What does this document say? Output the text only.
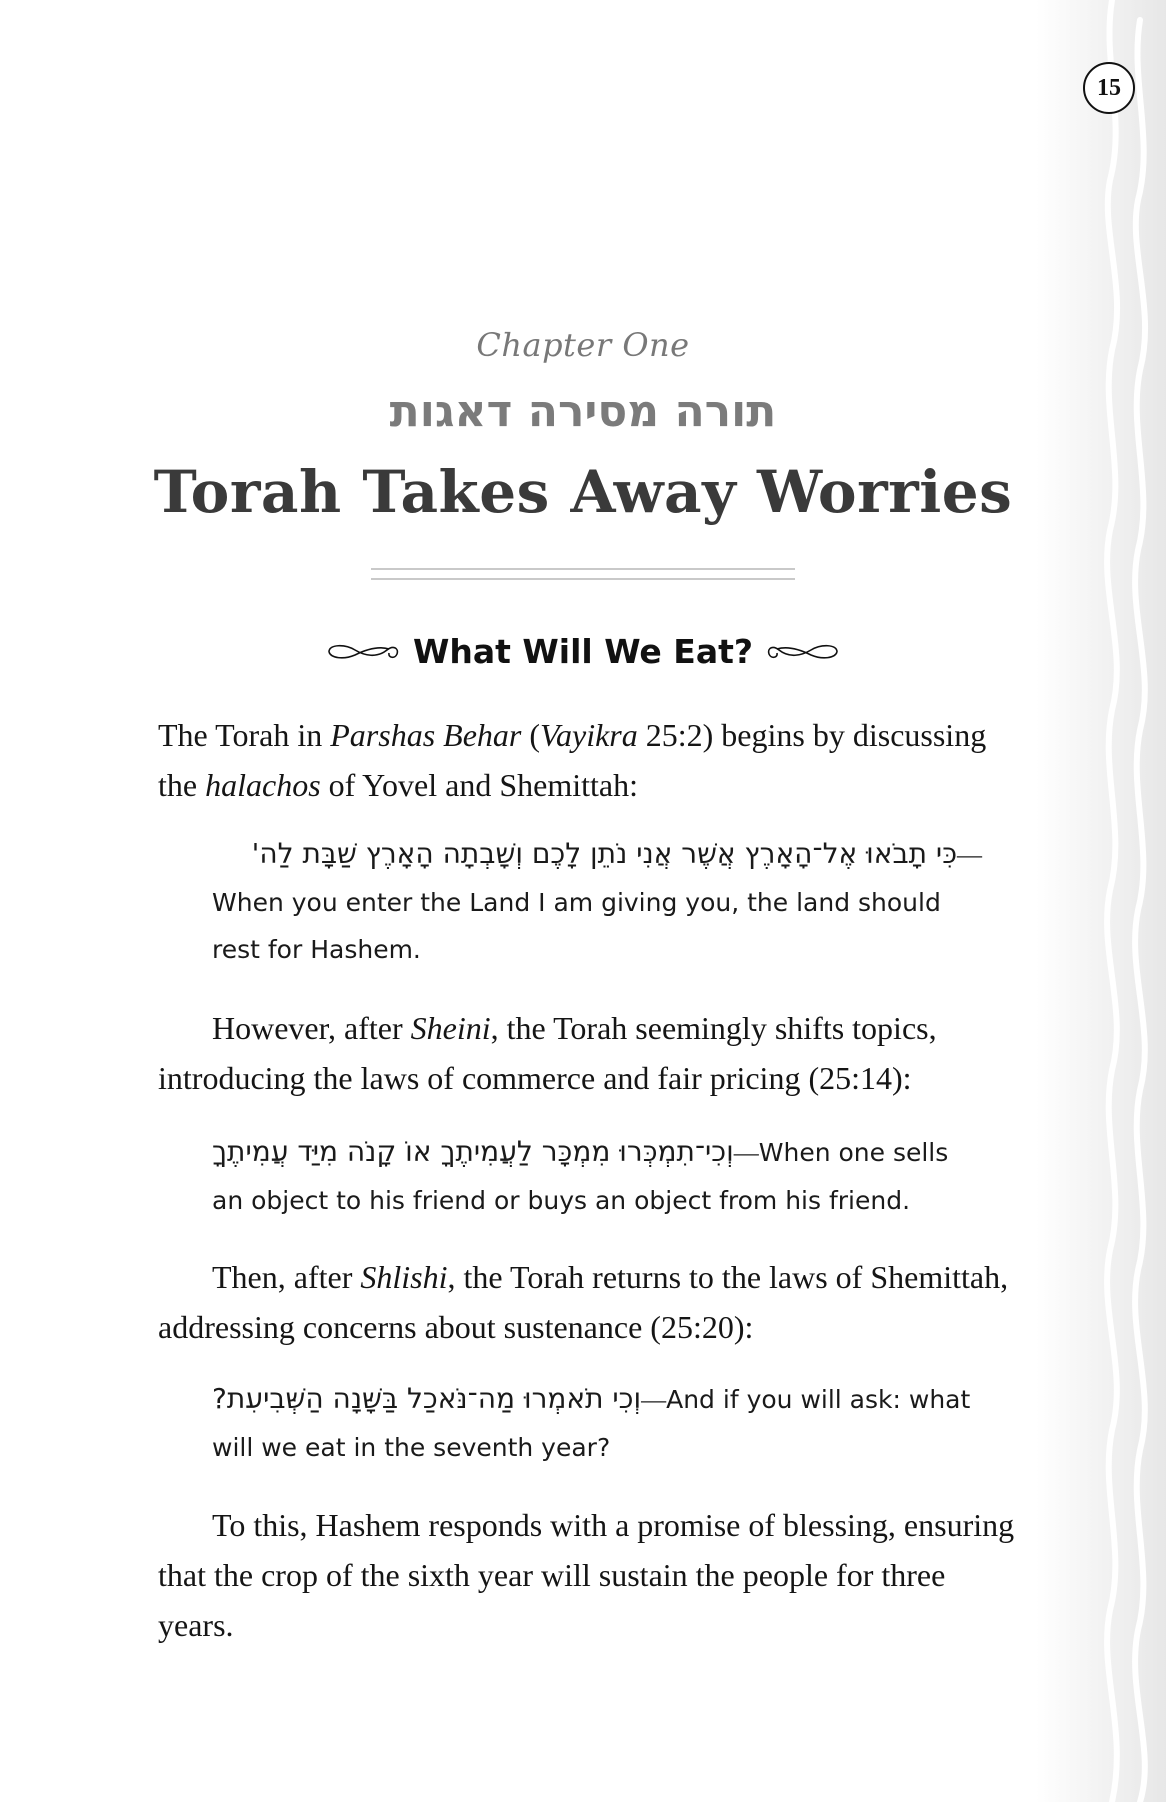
15
Chapter One
תורה מסירה דאגות
Torah Takes Away Worries
What Will We Eat?

The Torah in Parshas Behar (Vayikra 25:2) begins by discussing the halachos of Yovel and Shemittah:

כִּי תָבֹאוּ אֶל־הָאָרֶץ אֲשֶׁר אֲנִי נֹתֵן לָכֶם וְשָׁבְתָה הָאָרֶץ שַׁבָּת לַה'—
When you enter the Land I am giving you, the land should rest for Hashem.

However, after Sheini, the Torah seemingly shifts topics, introducing the laws of commerce and fair pricing (25:14):

וְכִי־תִמְכְּרוּ מִמְכָּר לַעֲמִיתֶךָ אוֹ קָנֹה מִיַּד עֲמִיתֶךָ—When one sells an object to his friend or buys an object from his friend.

Then, after Shlishi, the Torah returns to the laws of Shemittah, addressing concerns about sustenance (25:20):

וְכִי תֹאמְרוּ מַה־נֹּאכַל בַּשָּׁנָה הַשְּׁבִיעִת?—And if you will ask: what will we eat in the seventh year?

To this, Hashem responds with a promise of blessing, ensuring that the crop of the sixth year will sustain the people for three years.
